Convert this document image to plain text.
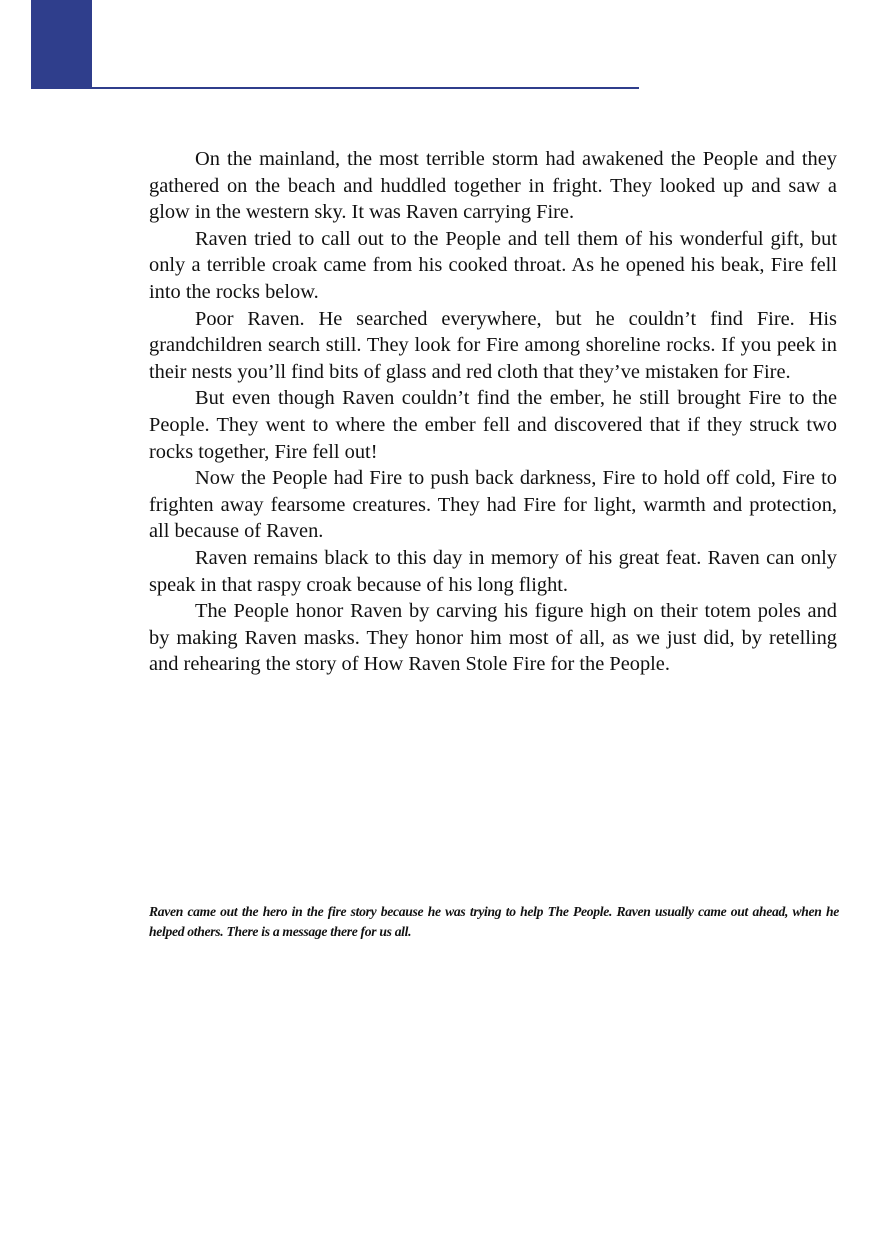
On the mainland, the most terrible storm had awakened the People and they gathered on the beach and huddled together in fright. They looked up and saw a glow in the western sky. It was Raven carrying Fire.

Raven tried to call out to the People and tell them of his wonderful gift, but only a terrible croak came from his cooked throat. As he opened his beak, Fire fell into the rocks below.

Poor Raven. He searched everywhere, but he couldn’t find Fire. His grandchildren search still. They look for Fire among shoreline rocks. If you peek in their nests you’ll find bits of glass and red cloth that they’ve mistaken for Fire.

But even though Raven couldn’t find the ember, he still brought Fire to the People. They went to where the ember fell and discovered that if they struck two rocks together, Fire fell out!

Now the People had Fire to push back darkness, Fire to hold off cold, Fire to frighten away fearsome creatures. They had Fire for light, warmth and protection, all because of Raven.

Raven remains black to this day in memory of his great feat. Raven can only speak in that raspy croak because of his long flight.

The People honor Raven by carving his figure high on their totem poles and by making Raven masks. They honor him most of all, as we just did, by retelling and rehearing the story of How Raven Stole Fire for the People.

Raven came out the hero in the fire story because he was trying to help The People. Raven usually came out ahead, when he helped others. There is a message there for us all.
